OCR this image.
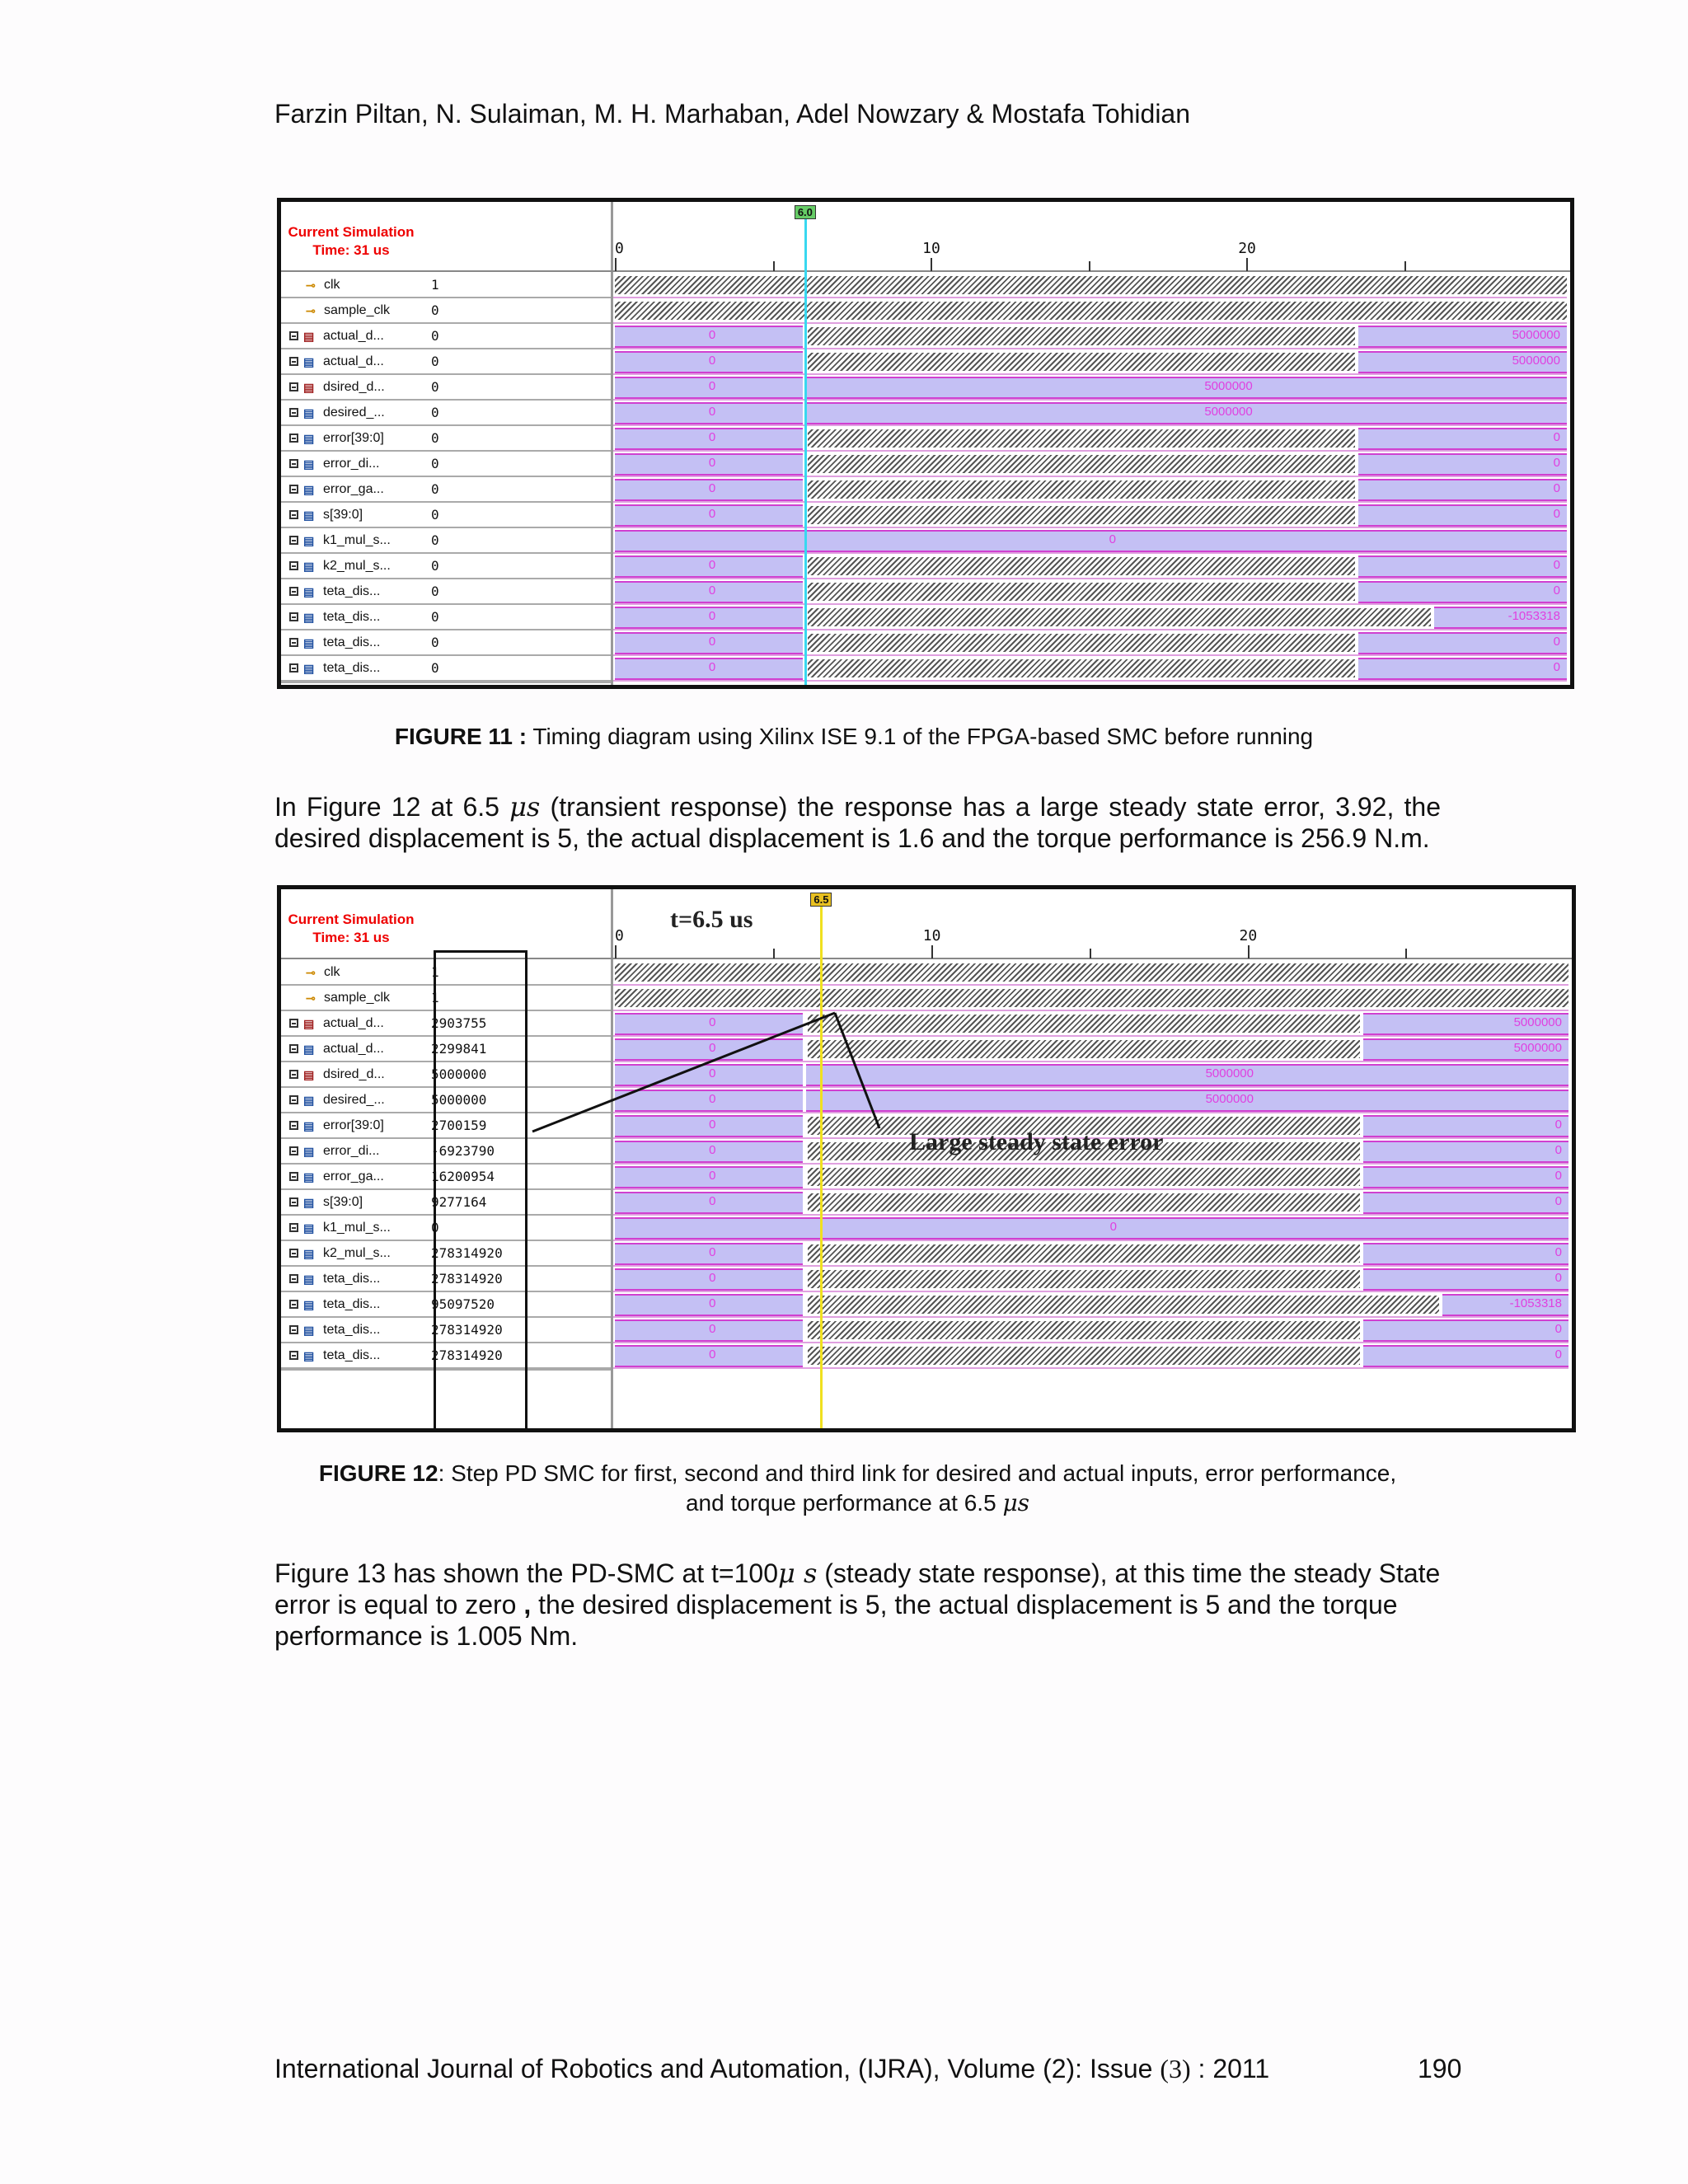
Farzin Piltan, N. Sulaiman, M. H. Marhaban, Adel Nowzary & Mostafa Tohidian
Current Simulation
Time: 31 us	0	10	20
⊸ clk	1
⊸ sample_clk	0
▤ actual_d...	0	0	5000000
▤ actual_d...	0	0	5000000
▤ dsired_d...	0	0	5000000
▤ desired_...	0	0	5000000
▤ error[39:0]	0	0	0
▤ error_di...	0	0	0
▤ error_ga...	0	0	0
▤ s[39:0]	0	0	0
▤ k1_mul_s...	0	0
▤ k2_mul_s...	0	0	0
▤ teta_dis...	0	0	0
▤ teta_dis...	0	0	-1053318
▤ teta_dis...	0	0	0
▤ teta_dis...	0	0	0
6.0
FIGURE 11 : Timing diagram using Xilinx ISE 9.1 of the FPGA-based SMC before running
In Figure 12 at 6.5 μs (transient response) the response has a large steady state error, 3.92, the desired displacement is 5, the actual displacement is 1.6 and the torque performance is 256.9 N.m.
Current Simulation
Time: 31 us	0	10	20
⊸ clk	1
⊸ sample_clk	1
▤ actual_d...	2903755	0	5000000
▤ actual_d...	2299841	0	5000000
▤ dsired_d...	5000000	0	5000000
▤ desired_...	5000000	0	5000000
▤ error[39:0]	2700159	0	0
▤ error_di...	-6923790	0	0
▤ error_ga...	16200954	0	0
▤ s[39:0]	9277164	0	0
▤ k1_mul_s...	0	0
▤ k2_mul_s...	278314920	0	0
▤ teta_dis...	278314920	0	0
▤ teta_dis...	95097520	0	-1053318
▤ teta_dis...	278314920	0	0
▤ teta_dis...	278314920	0	0
6.5
t=6.5 us
Large steady state error
FIGURE 12: Step PD SMC for first, second and third link for desired and actual inputs, error performance,
and torque performance at 6.5 μs
Figure 13 has shown the PD-SMC at t=100μ s (steady state response), at this time the steady State error is equal to zero , the desired displacement is 5, the actual displacement is 5 and the torque performance is 1.005 Nm.
International Journal of Robotics and Automation, (IJRA), Volume (2): Issue (3) : 2011	190
